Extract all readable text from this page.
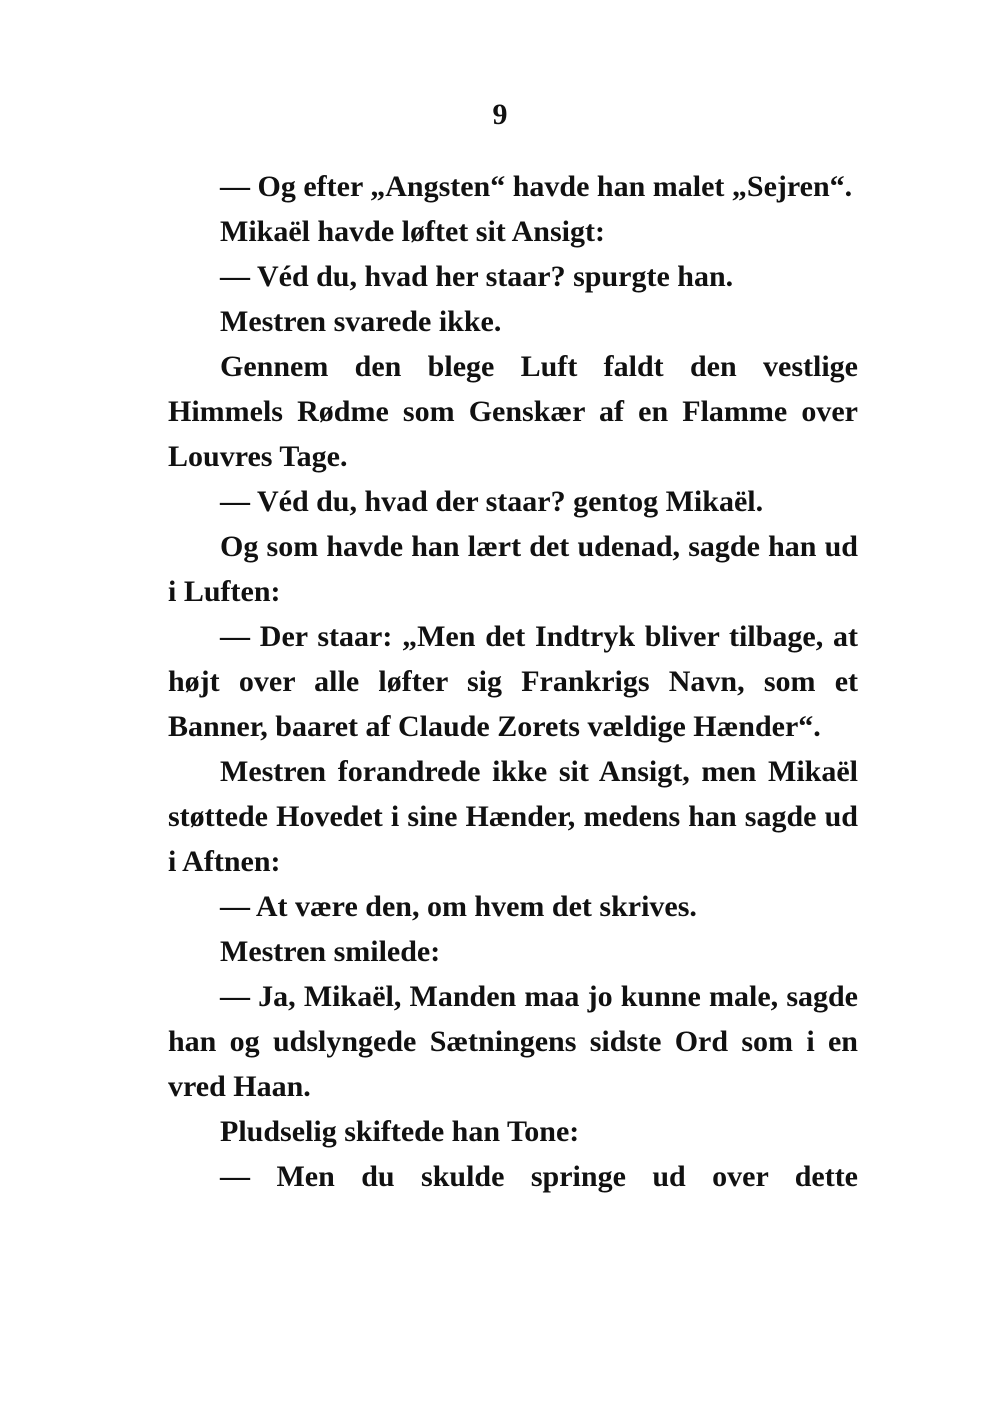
9

— Og efter „Angsten“ havde han malet „Sejren“.

Mikaël havde løftet sit Ansigt:

— Véd du, hvad her staar? spurgte han.

Mestren svarede ikke.

Gennem den blege Luft faldt den vestlige Himmels Rødme som Genskær af en Flamme over Louvres Tage.

— Véd du, hvad der staar? gentog Mikaël.

Og som havde han lært det udenad, sagde han ud i Luften:

— Der staar: „Men det Indtryk bliver tilbage, at højt over alle løfter sig Frankrigs Navn, som et Banner, baaret af Claude Zorets vældige Hænder“.

Mestren forandrede ikke sit Ansigt, men Mikaël støttede Hovedet i sine Hænder, medens han sagde ud i Aftnen:

— At være den, om hvem det skrives.

Mestren smilede:

— Ja, Mikaël, Manden maa jo kunne male, sagde han og udslyngede Sætningens sidste Ord som i en vred Haan.

Pludselig skiftede han Tone:

— Men du skulde springe ud over dette
